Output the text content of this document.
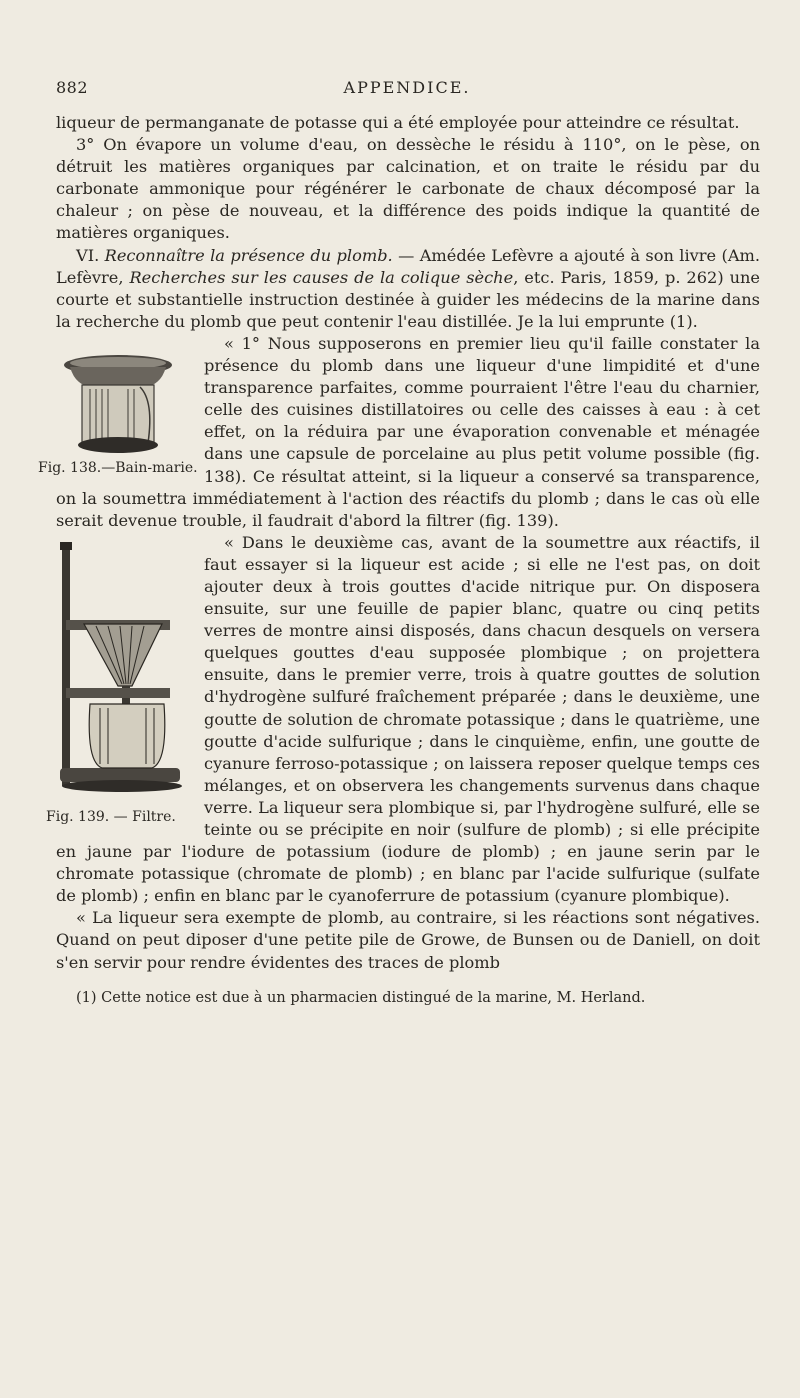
882	APPENDICE.

liqueur de permanganate de potasse qui a été employée pour atteindre ce résultat.

3° On évapore un volume d'eau, on dessèche le résidu à 110°, on le pèse, on détruit les matières organiques par calcination, et on traite le résidu par du carbonate ammonique pour régénérer le carbonate de chaux décomposé par la chaleur ; on pèse de nouveau, et la différence des poids indique la quantité de matières organiques.

VI. Reconnaître la présence du plomb. — Amédée Lefèvre a ajouté à son livre (Am. Lefèvre, Recherches sur les causes de la colique sèche, etc. Paris, 1859, p. 262) une courte et substantielle instruction destinée à guider les médecins de la marine dans la recherche du plomb que peut contenir l'eau distillée. Je la lui emprunte (1).

Fig. 138.—Bain-marie.
« 1° Nous supposerons en premier lieu qu'il faille constater la présence du plomb dans une liqueur d'une limpidité et d'une transparence parfaites, comme pourraient l'être l'eau du charnier, celle des cuisines distillatoires ou celle des caisses à eau : à cet effet, on la réduira par une évaporation convenable et ménagée dans une capsule de porcelaine au plus petit volume possible (fig. 138). Ce résultat atteint, si la liqueur a conservé sa transparence, on la soumettra immédiatement à l'action des réactifs du plomb ; dans le cas où elle serait devenue trouble, il faudrait d'abord la filtrer (fig. 139).

Fig. 139. — Filtre.
« Dans le deuxième cas, avant de la soumettre aux réactifs, il faut essayer si la liqueur est acide ; si elle ne l'est pas, on doit ajouter deux à trois gouttes d'acide nitrique pur. On disposera ensuite, sur une feuille de papier blanc, quatre ou cinq petits verres de montre ainsi disposés, dans chacun desquels on versera quelques gouttes d'eau supposée plombique ; on projettera ensuite, dans le premier verre, trois à quatre gouttes de solution d'hydrogène sulfuré fraîchement préparée ; dans le deuxième, une goutte de solution de chromate potassique ; dans le quatrième, une goutte d'acide sulfurique ; dans le cinquième, enfin, une goutte de cyanure ferroso-potassique ; on laissera reposer quelque temps ces mélanges, et on observera les changements survenus dans chaque verre. La liqueur sera plombique si, par l'hydrogène sulfuré, elle se teinte ou se précipite en noir (sulfure de plomb) ; si elle précipite en jaune par l'iodure de potassium (iodure de plomb) ; en jaune serin par le chromate potassique (chromate de plomb) ; en blanc par l'acide sulfurique (sulfate de plomb) ; enfin en blanc par le cyanoferrure de potassium (cyanure plombique).

« La liqueur sera exempte de plomb, au contraire, si les réactions sont négatives. Quand on peut diposer d'une petite pile de Growe, de Bunsen ou de Daniell, on doit s'en servir pour rendre évidentes des traces de plomb

(1) Cette notice est due à un pharmacien distingué de la marine, M. Herland.
